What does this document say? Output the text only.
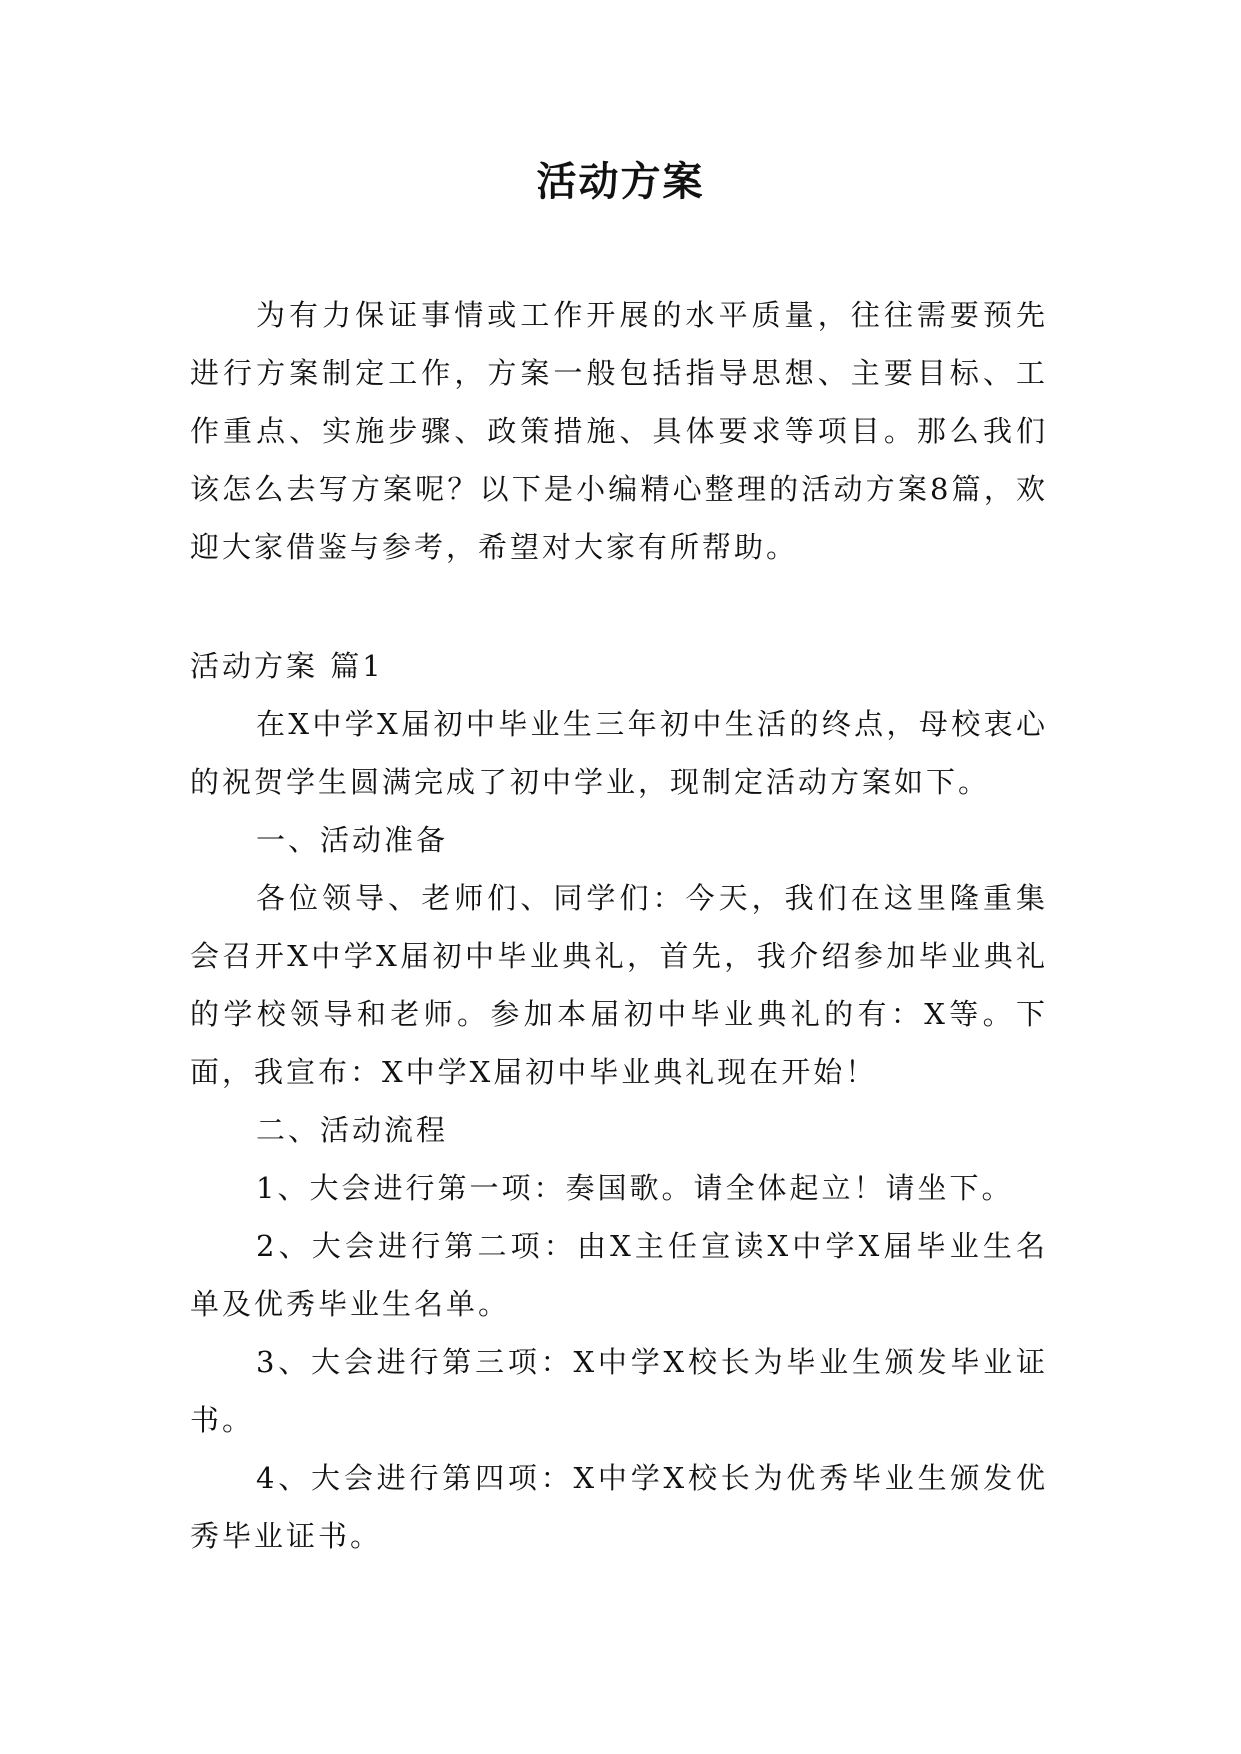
活动方案

为有力保证事情或工作开展的水平质量，往往需要预先进行方案制定工作，方案一般包括指导思想、主要目标、工作重点、实施步骤、政策措施、具体要求等项目。那么我们该怎么去写方案呢？以下是小编精心整理的活动方案8篇，欢迎大家借鉴与参考，希望对大家有所帮助。

活动方案 篇1

在X中学X届初中毕业生三年初中生活的终点，母校衷心的祝贺学生圆满完成了初中学业，现制定活动方案如下。

一、活动准备

各位领导、老师们、同学们：今天，我们在这里隆重集会召开X中学X届初中毕业典礼，首先，我介绍参加毕业典礼的学校领导和老师。参加本届初中毕业典礼的有：X等。下面，我宣布：X中学X届初中毕业典礼现在开始！

二、活动流程

1、大会进行第一项：奏国歌。请全体起立！请坐下。

2、大会进行第二项：由X主任宣读X中学X届毕业生名单及优秀毕业生名单。

3、大会进行第三项：X中学X校长为毕业生颁发毕业证书。

4、大会进行第四项：X中学X校长为优秀毕业生颁发优秀毕业证书。
